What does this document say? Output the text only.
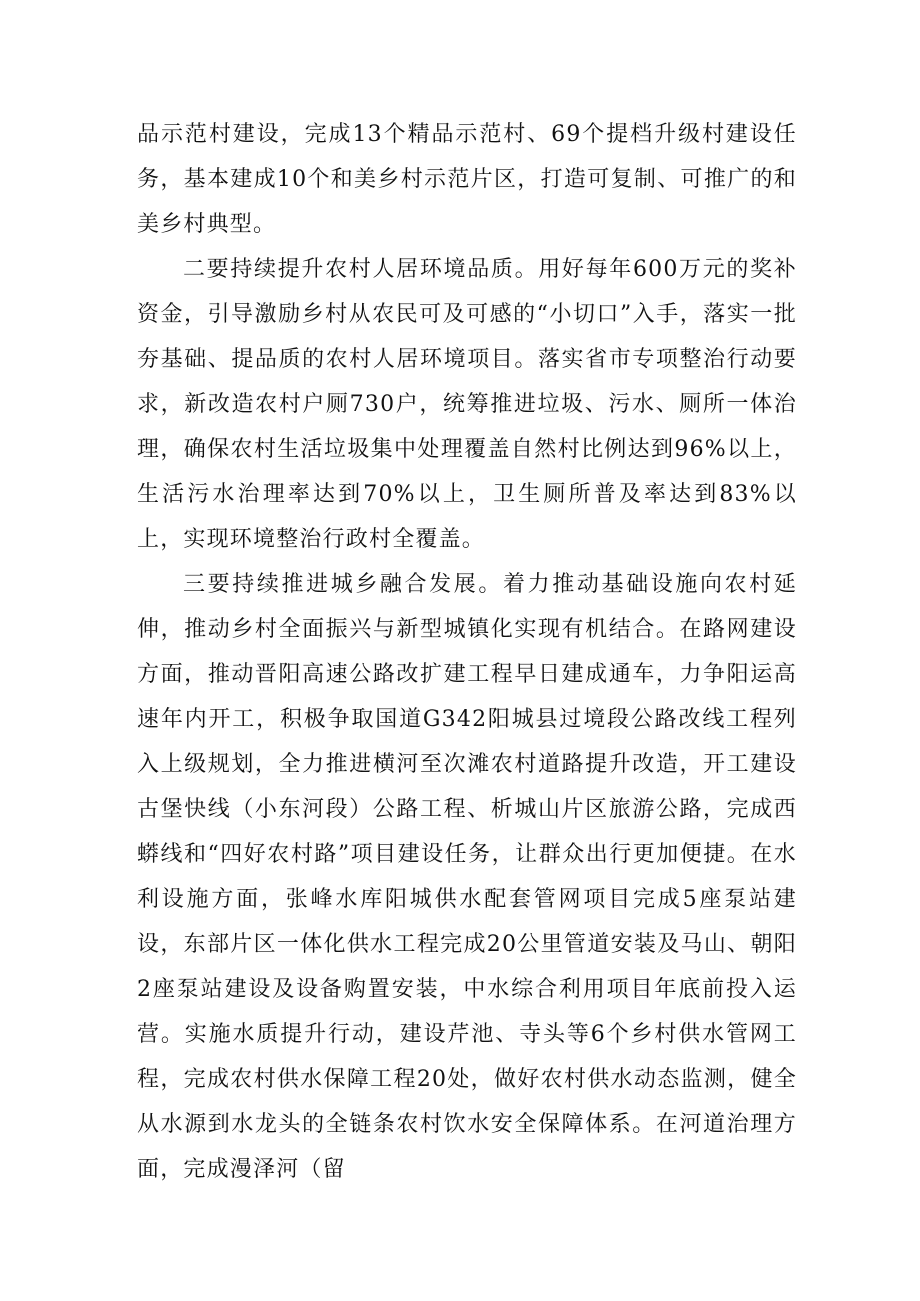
品示范村建设，完成13个精品示范村、69个提档升级村建设任务，基本建成10个和美乡村示范片区，打造可复制、可推广的和美乡村典型。

二要持续提升农村人居环境品质。用好每年600万元的奖补资金，引导激励乡村从农民可及可感的“小切口”入手，落实一批夯基础、提品质的农村人居环境项目。落实省市专项整治行动要求，新改造农村户厕730户，统筹推进垃圾、污水、厕所一体治理，确保农村生活垃圾集中处理覆盖自然村比例达到96%以上，生活污水治理率达到70%以上，卫生厕所普及率达到83%以上，实现环境整治行政村全覆盖。

三要持续推进城乡融合发展。着力推动基础设施向农村延伸，推动乡村全面振兴与新型城镇化实现有机结合。在路网建设方面，推动晋阳高速公路改扩建工程早日建成通车，力争阳运高速年内开工，积极争取国道G342阳城县过境段公路改线工程列入上级规划，全力推进横河至次滩农村道路提升改造，开工建设古堡快线（小东河段）公路工程、析城山片区旅游公路，完成西蟒线和“四好农村路”项目建设任务，让群众出行更加便捷。在水利设施方面，张峰水库阳城供水配套管网项目完成5座泵站建设，东部片区一体化供水工程完成20公里管道安装及马山、朝阳2座泵站建设及设备购置安装，中水综合利用项目年底前投入运营。实施水质提升行动，建设芹池、寺头等6个乡村供水管网工程，完成农村供水保障工程20处，做好农村供水动态监测，健全从水源到水龙头的全链条农村饮水安全保障体系。在河道治理方面，完成漫泽河（留
